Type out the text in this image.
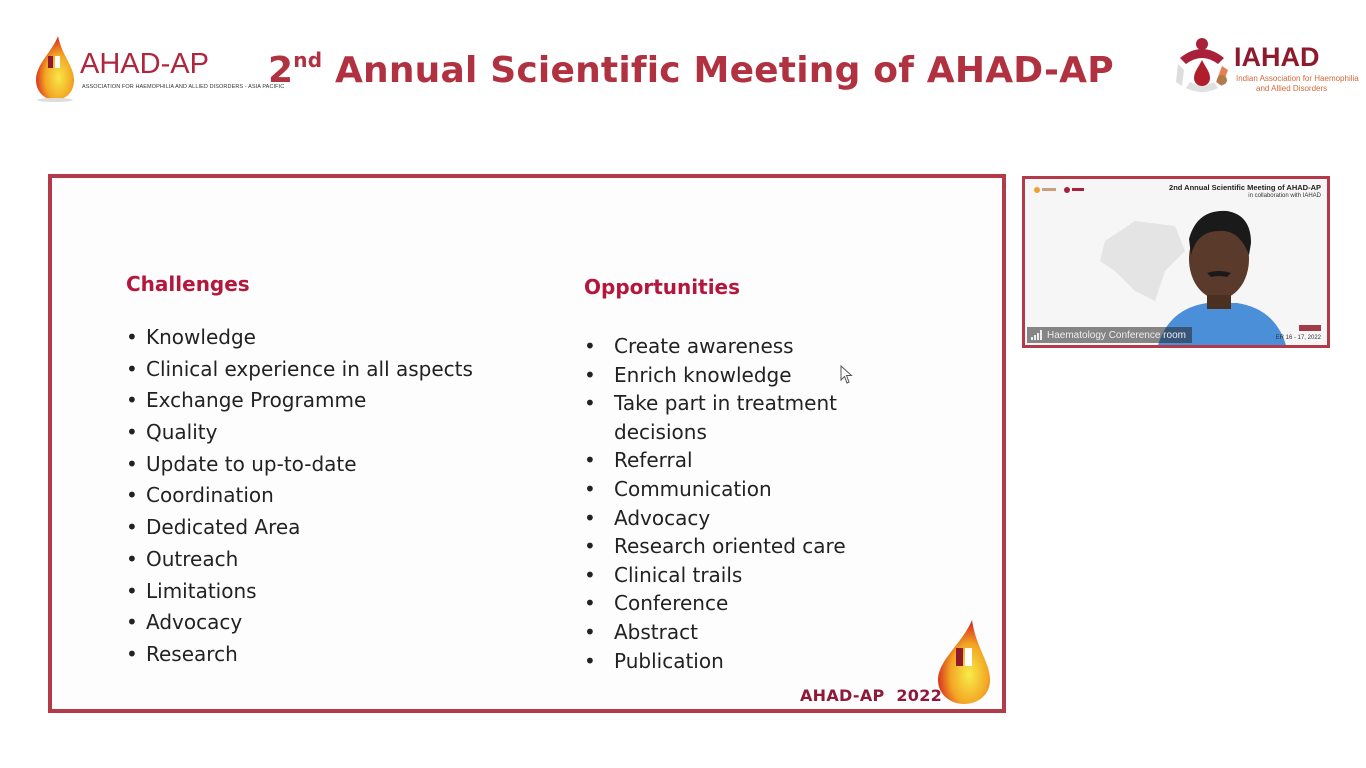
AHAD-AP
ASSOCIATION FOR HAEMOPHILIA AND ALLIED DISORDERS - ASIA PACIFIC
2nd Annual Scientific Meeting of AHAD-AP	IAHAD
Indian Association for Haemophilia
and Allied Disorders
Challenges
• Knowledge
• Clinical experience in all aspects
• Exchange Programme
• Quality
• Update to up-to-date
• Coordination
• Dedicated Area
• Outreach
• Limitations
• Advocacy
• Research
Opportunities
• Create awareness
• Enrich knowledge
• Take part in treatment decisions
• Referral
• Communication
• Advocacy
• Research oriented care
• Clinical trails
• Conference
• Abstract
• Publication
AHAD-AP  2022
2nd Annual Scientific Meeting of AHAD-AP
in collaboration with IAHAD
ER 16 - 17, 2022
Haematology Conference room
